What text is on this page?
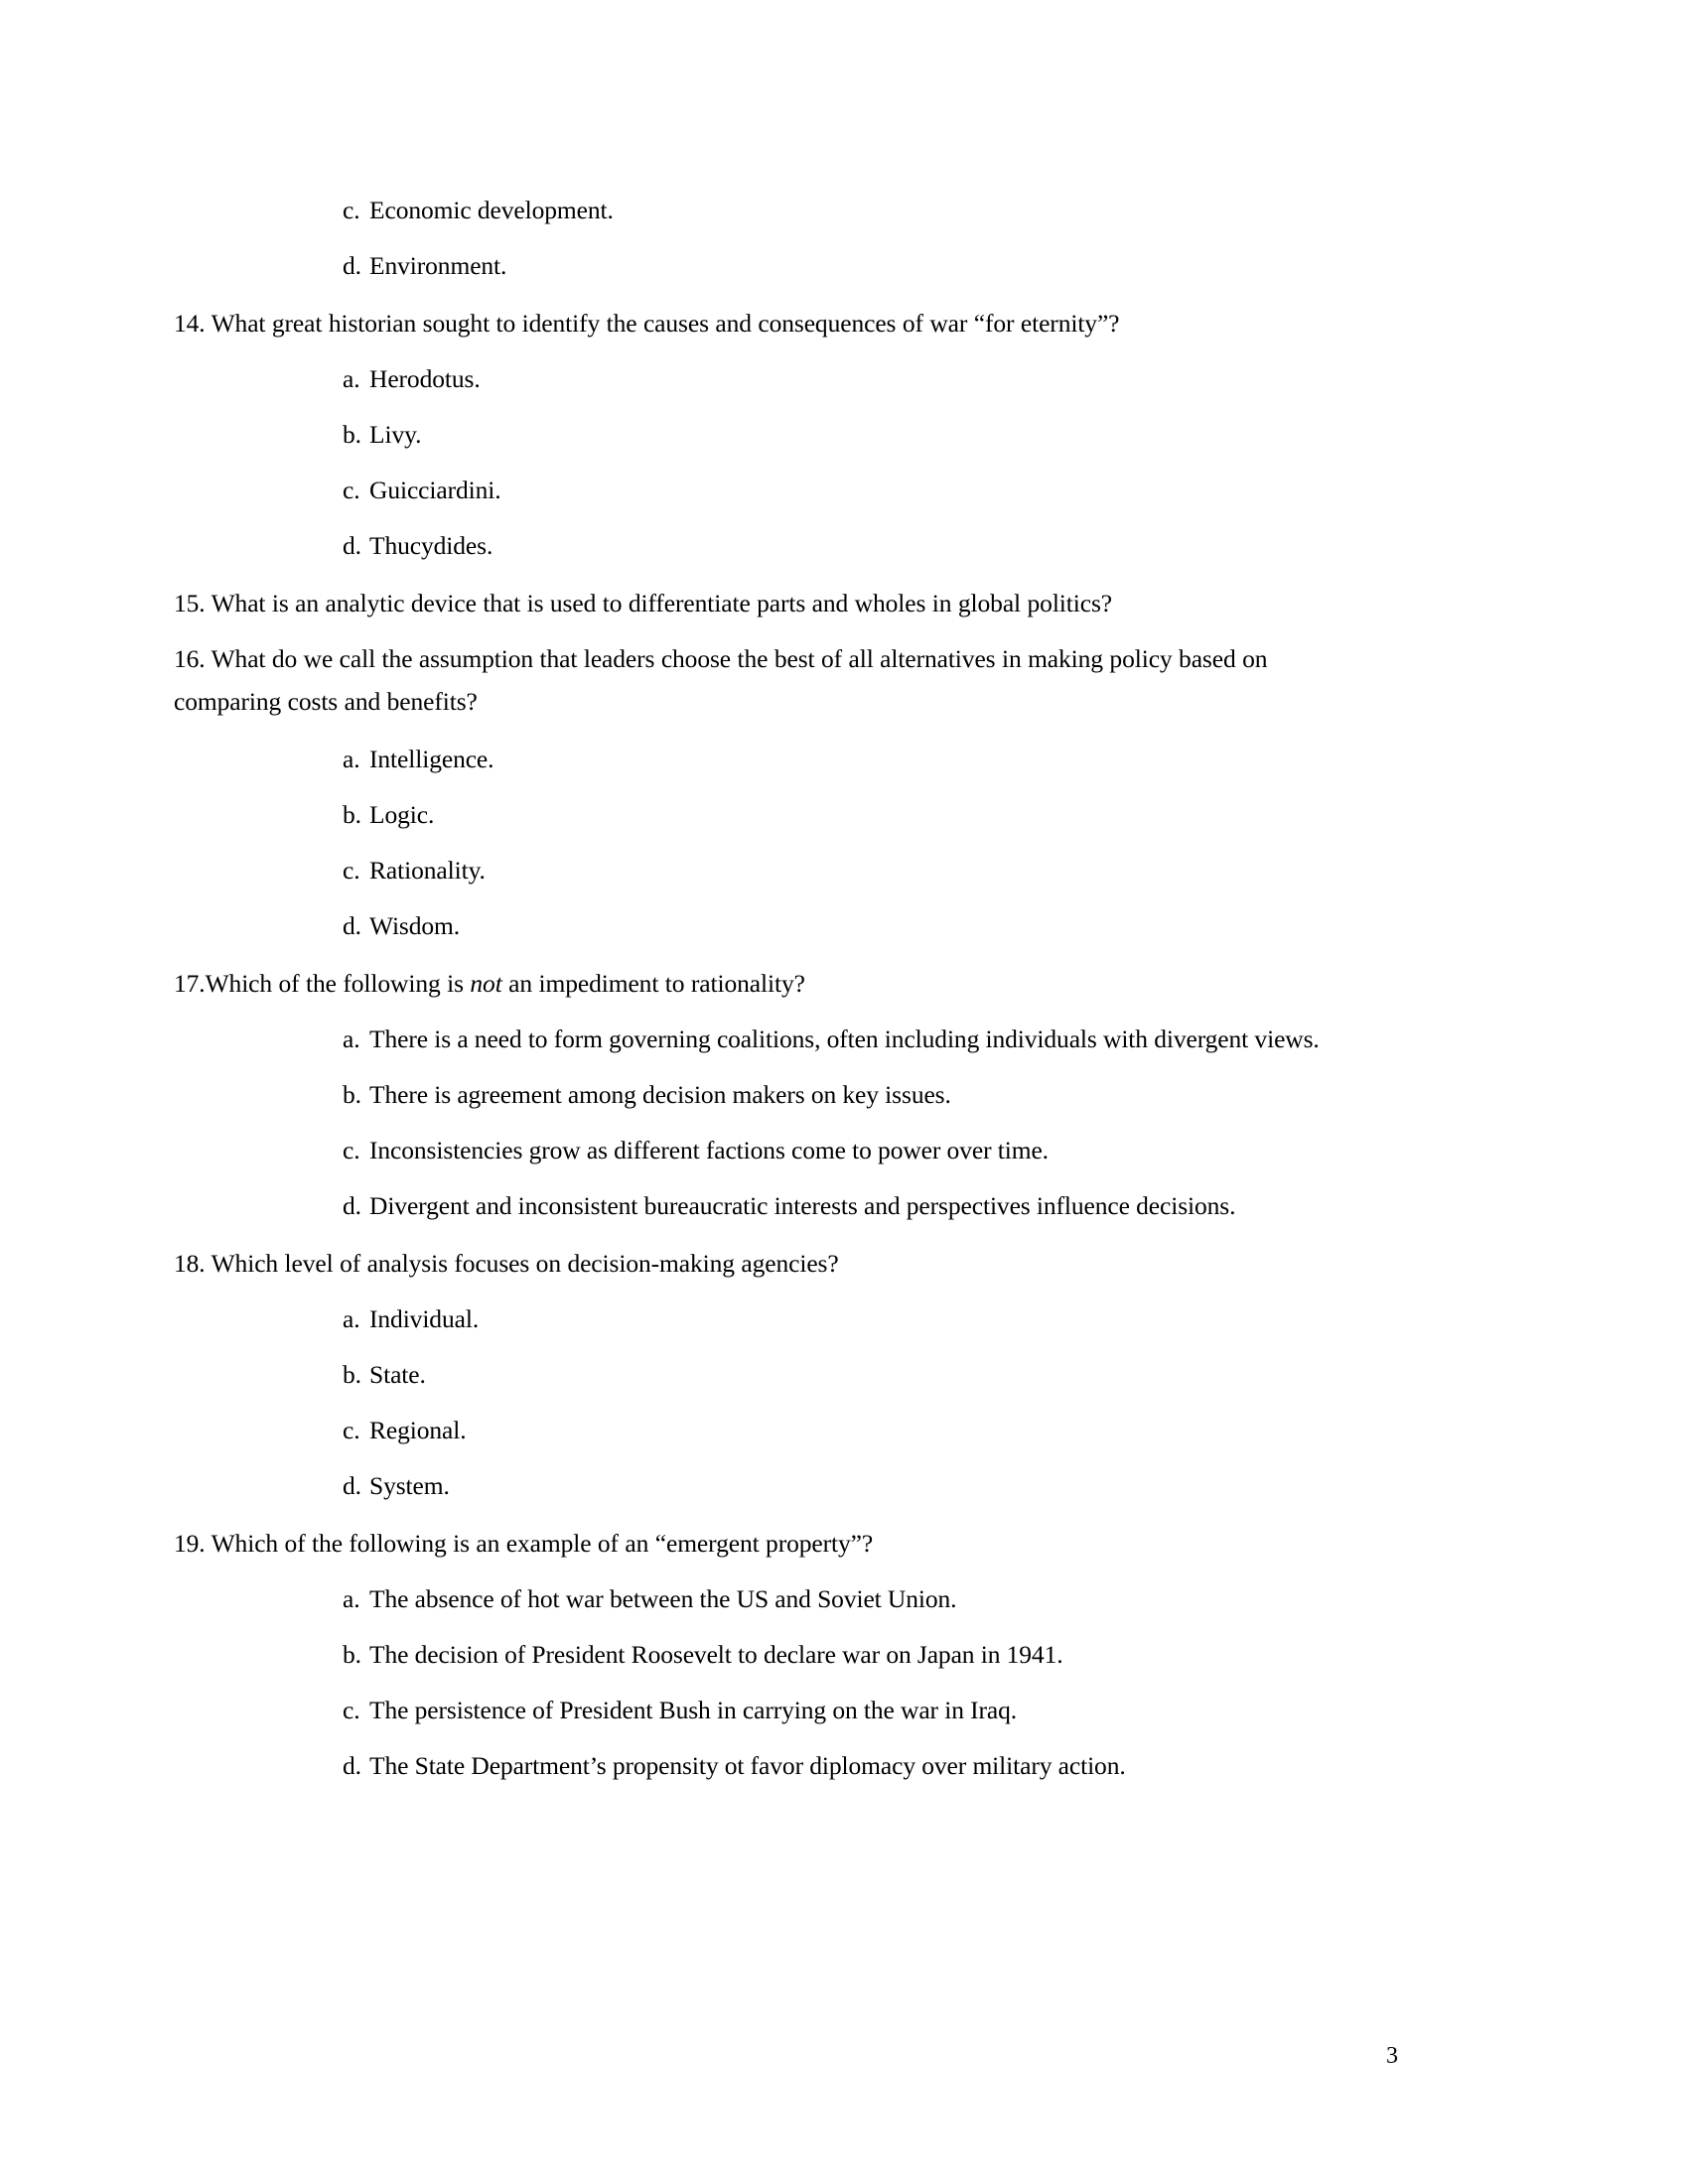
c. Economic development.
d. Environment.
14. What great historian sought to identify the causes and consequences of war “for eternity”?
a. Herodotus.
b. Livy.
c. Guicciardini.
d. Thucydides.
15. What is an analytic device that is used to differentiate parts and wholes in global politics?
16. What do we call the assumption that leaders choose the best of all alternatives in making policy based on comparing costs and benefits?
a. Intelligence.
b. Logic.
c. Rationality.
d. Wisdom.
17.Which of the following is not an impediment to rationality?
a. There is a need to form governing coalitions, often including individuals with divergent views.
b. There is agreement among decision makers on key issues.
c. Inconsistencies grow as different factions come to power over time.
d. Divergent and inconsistent bureaucratic interests and perspectives influence decisions.
18. Which level of analysis focuses on decision-making agencies?
a. Individual.
b. State.
c. Regional.
d. System.
19. Which of the following is an example of an “emergent property”?
a. The absence of hot war between the US and Soviet Union.
b. The decision of President Roosevelt to declare war on Japan in 1941.
c. The persistence of President Bush in carrying on the war in Iraq.
d. The State Department’s propensity ot favor diplomacy over military action.
3
